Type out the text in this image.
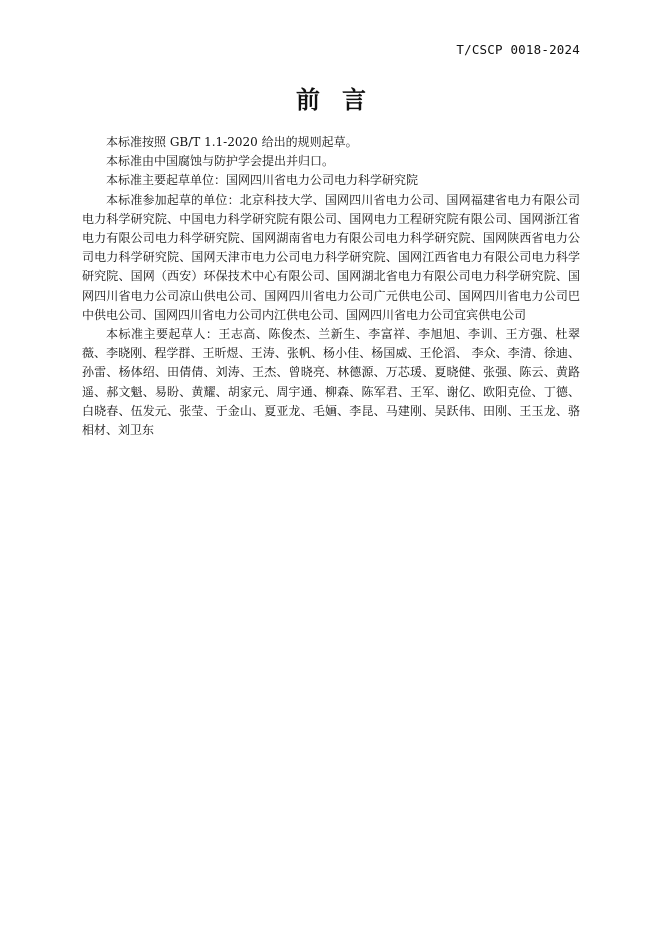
T/CSCP 0018-2024
前言

本标准按照 GB/T 1.1-2020 给出的规则起草。

本标准由中国腐蚀与防护学会提出并归口。

本标准主要起草单位：国网四川省电力公司电力科学研究院

本标准参加起草的单位：北京科技大学、国网四川省电力公司、国网福建省电力有限公司电力科学研究院、中国电力科学研究院有限公司、国网电力工程研究院有限公司、国网浙江省电力有限公司电力科学研究院、国网湖南省电力有限公司电力科学研究院、国网陕西省电力公司电力科学研究院、国网天津市电力公司电力科学研究院、国网江西省电力有限公司电力科学研究院、国网（西安）环保技术中心有限公司、国网湖北省电力有限公司电力科学研究院、国网四川省电力公司凉山供电公司、国网四川省电力公司广元供电公司、国网四川省电力公司巴中供电公司、国网四川省电力公司内江供电公司、国网四川省电力公司宜宾供电公司

本标准主要起草人：王志高、陈俊杰、兰新生、李富祥、李旭旭、李训、王方强、杜翠薇、李晓刚、程学群、王昕煜、王涛、张帆、杨小佳、杨国威、王伦滔、 李众、李清、徐迪、孙雷、杨体绍、田倩倩、刘涛、王杰、曾晓亮、林德源、万芯瑗、夏晓健、张强、陈云、黄路遥、郝文魁、易盼、黄耀、胡家元、周宇通、柳森、陈军君、王军、谢亿、欧阳克俭、丁德、白晓春、伍发元、张莹、于金山、夏亚龙、毛婳、李昆、马建刚、吴跃伟、田刚、王玉龙、骆相材、刘卫东
